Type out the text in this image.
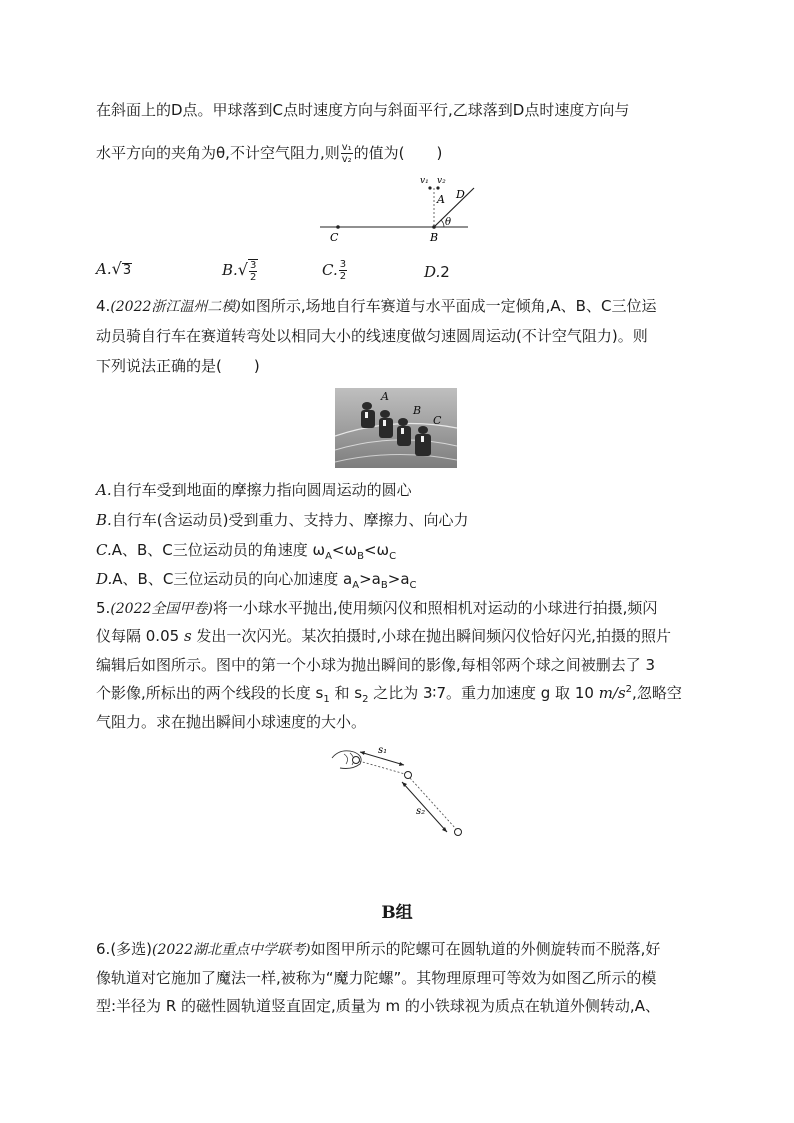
在斜面上的D点。甲球落到C点时速度方向与斜面平行,乙球落到D点时速度方向与
水平方向的夹角为θ,不计空气阻力,则 $\frac{\text{v₁}}{\text{v₂}}$ 的值为( )
v₁ v₂
A D
C	B
θ
A.√3	$B.√ \frac{3}{2}$	C. $\frac{3}{2}$	D.2
4.(2022浙江温州二模)如图所示,场地自行车赛道与水平面成一定倾角,A、B、C三位运
动员骑自行车在赛道转弯处以相同大小的线速度做匀速圆周运动(不计空气阻力)。则
下列说法正确的是( )
A
B
C
A.自行车受到地面的摩擦力指向圆周运动的圆心
B.自行车(含运动员)受到重力、支持力、摩擦力、向心力
C.A、B、C三位运动员的角速度 $\omega_A<\omega_B<\omega_C$
D.A、B、C三位运动员的向心加速度 $a_A>a_B>a_C$
5.(2022全国甲卷)将一小球水平抛出,使用频闪仪和照相机对运动的小球进行拍摄,频闪
仪每隔 0.05 s 发出一次闪光。某次拍摄时,小球在抛出瞬间频闪仪恰好闪光,拍摄的照片
编辑后如图所示。图中的第一个小球为抛出瞬间的影像,每相邻两个球之间被删去了 3
个影像,所标出的两个线段的长度 $s_1$ 和 $s_2$ 之比为 3∶7。重力加速度 g 取 10 $m/s^2$,忽略空
气阻力。求在抛出瞬间小球速度的大小。
s₁
s₂
B组
6.(多选)(2022湖北重点中学联考)如图甲所示的陀螺可在圆轨道的外侧旋转而不脱落,好
像轨道对它施加了魔法一样,被称为“魔力陀螺”。其物理原理可等效为如图乙所示的模
型:半径为 R 的磁性圆轨道竖直固定,质量为 m 的小铁球视为质点在轨道外侧转动,A、
